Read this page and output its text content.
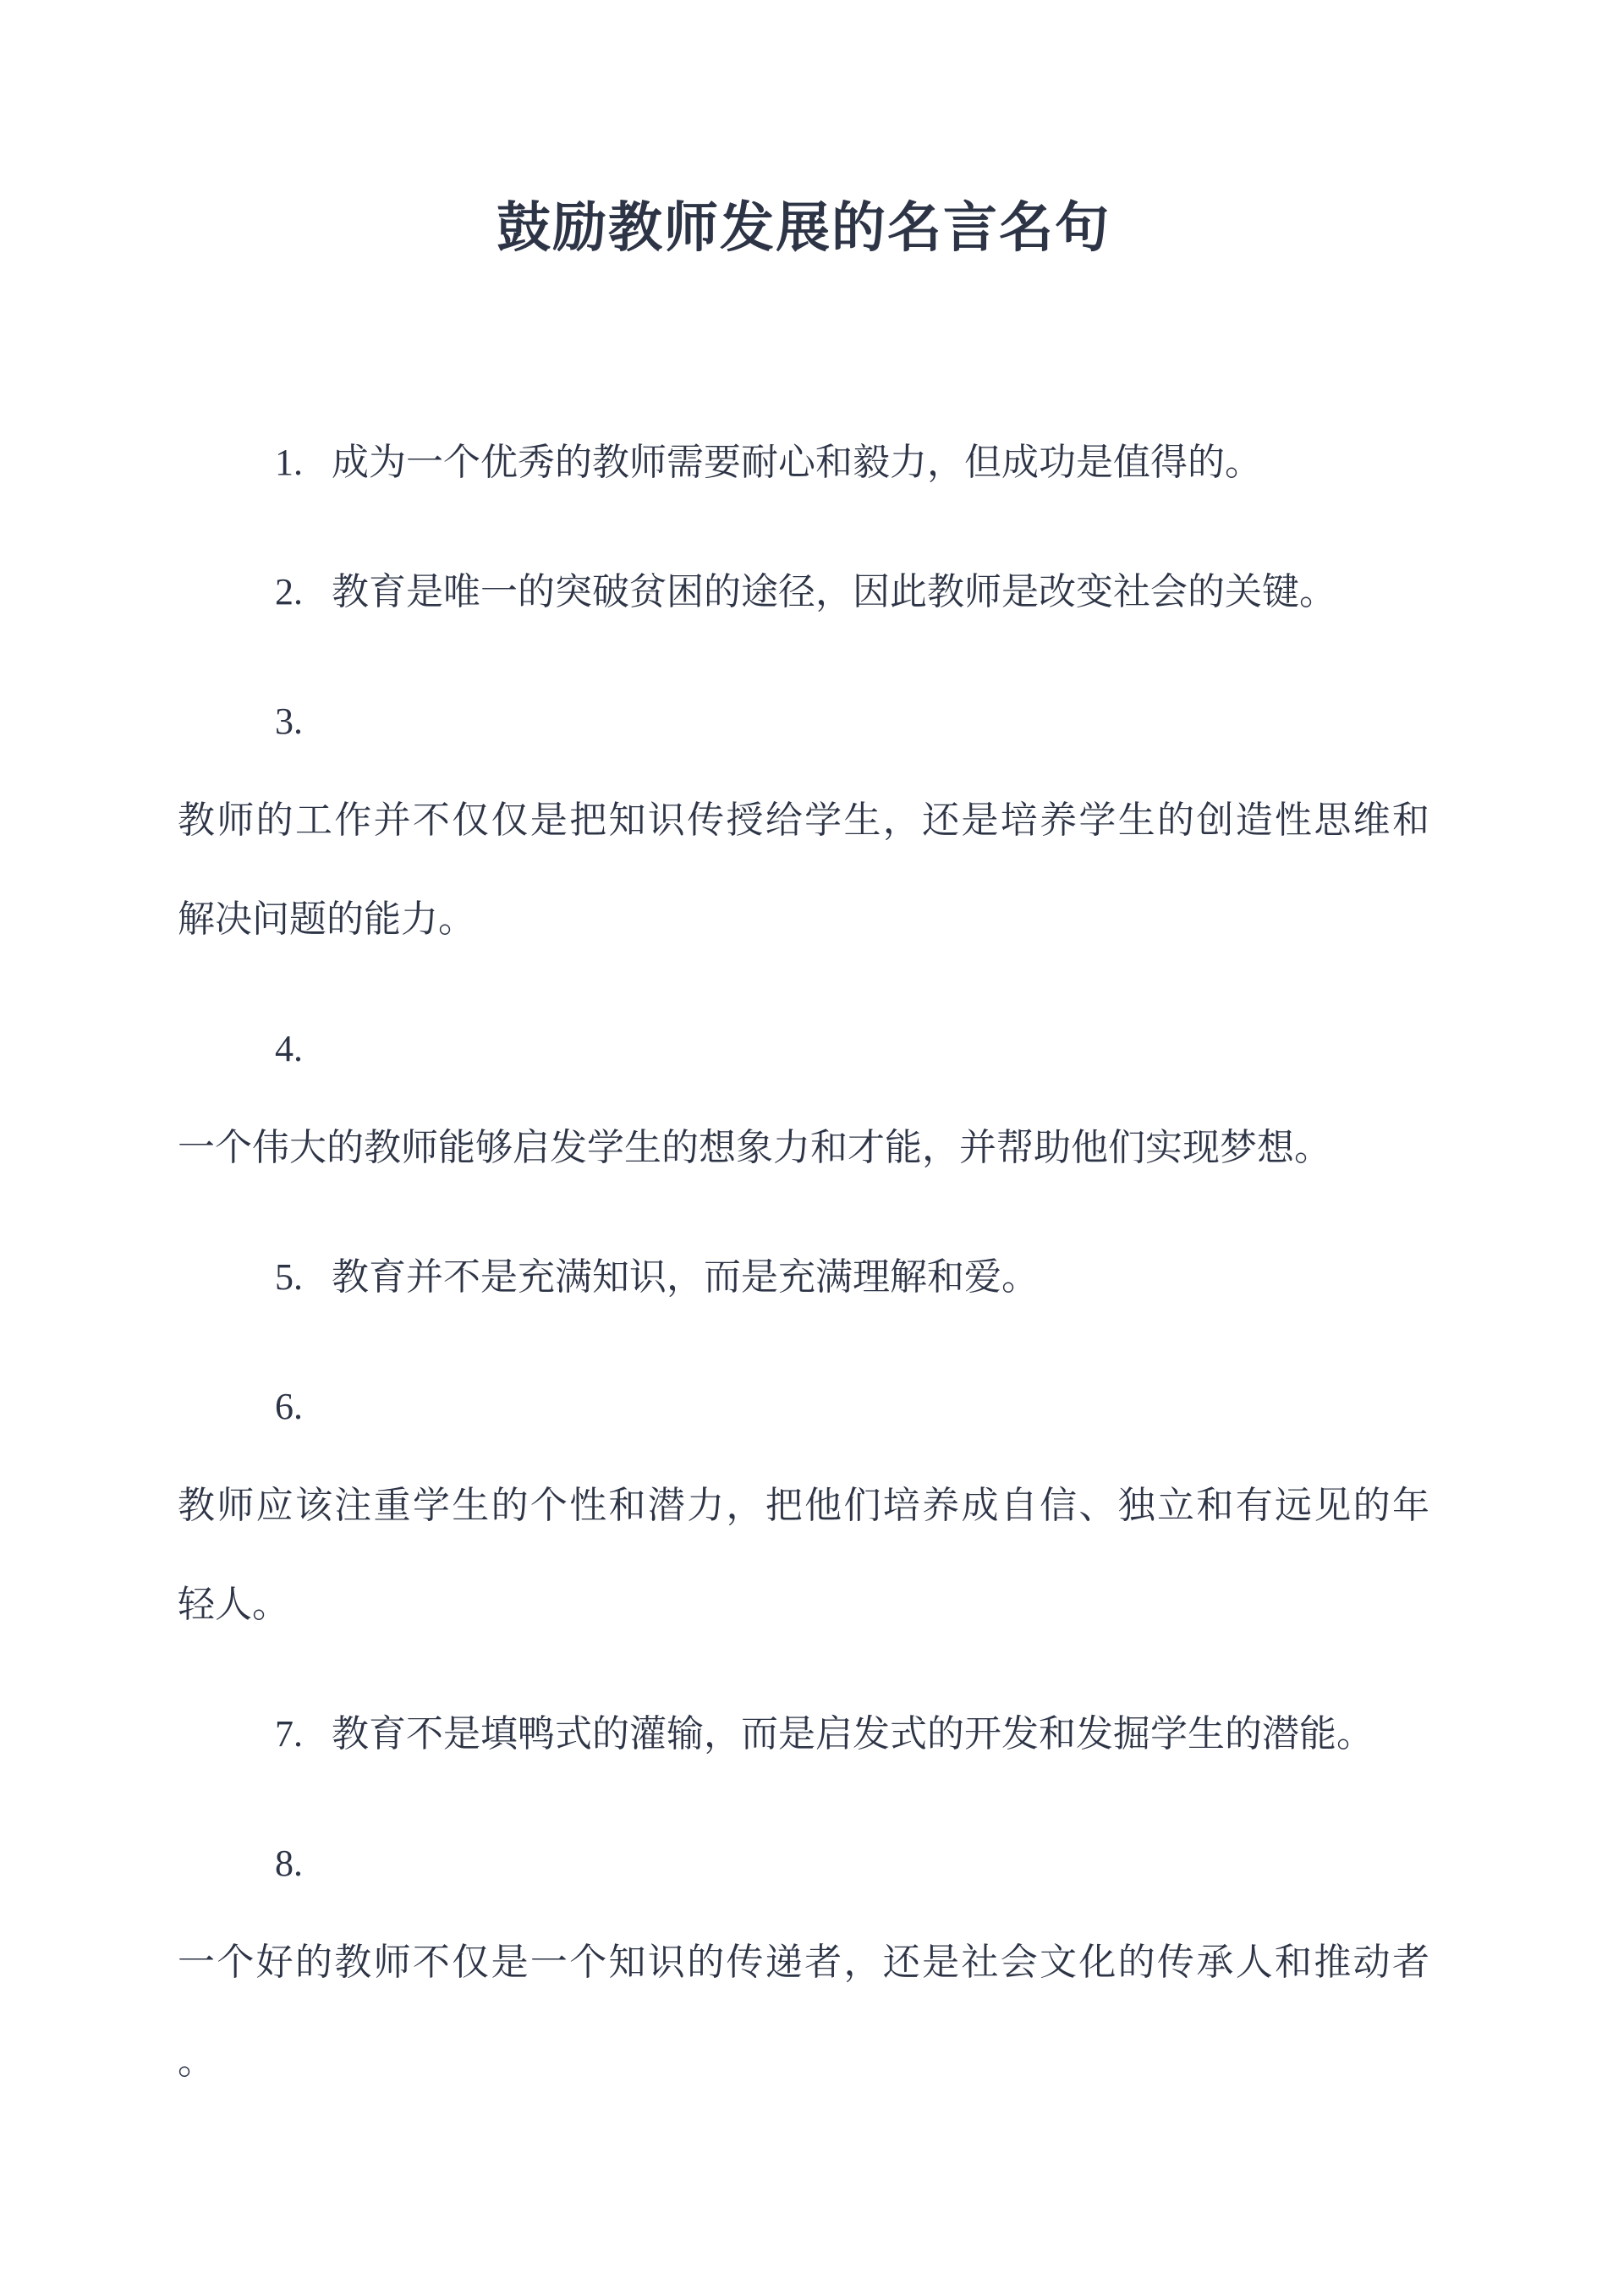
鼓励教师发展的名言名句

1. 成为一个优秀的教师需要耐心和毅力，但成功是值得的。

2. 教育是唯一的突破贫困的途径，因此教师是改变社会的关键。

3.
教师的工作并不仅仅是把知识传授给学生，还是培养学生的创造性思维和
解决问题的能力。
4.
一个伟大的教师能够启发学生的想象力和才能，并帮助他们实现梦想。

5. 教育并不是充满知识，而是充满理解和爱。

6.
教师应该注重学生的个性和潜力，把他们培养成自信、独立和有远见的年
轻人。

7. 教育不是填鸭式的灌输，而是启发式的开发和发掘学生的潜能。

8.
一个好的教师不仅是一个知识的传递者，还是社会文化的传承人和推动者
。
